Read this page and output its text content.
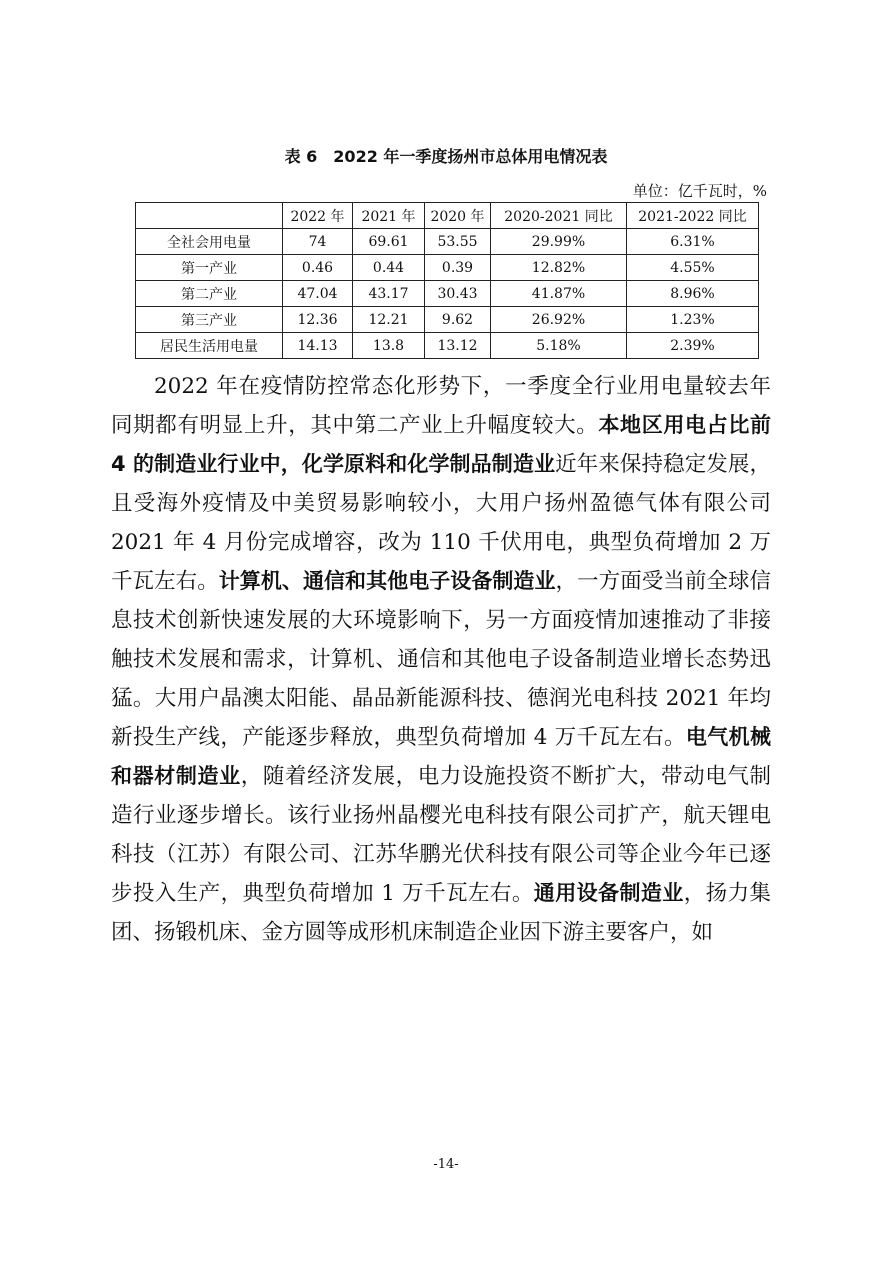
表 6　2022 年一季度扬州市总体用电情况表
单位：亿千瓦时，%
	2022 年	2021 年	2020 年	2020-2021 同比	2021-2022 同比
全社会用电量	74	69.61	53.55	29.99%	6.31%
第一产业	0.46	0.44	0.39	12.82%	4.55%
第二产业	47.04	43.17	30.43	41.87%	8.96%
第三产业	12.36	12.21	9.62	26.92%	1.23%
居民生活用电量	14.13	13.8	13.12	5.18%	2.39%

2022 年在疫情防控常态化形势下，一季度全行业用电量较去年同期都有明显上升，其中第二产业上升幅度较大。本地区用电占比前 4 的制造业行业中，化学原料和化学制品制造业近年来保持稳定发展，且受海外疫情及中美贸易影响较小，大用户扬州盈德气体有限公司 2021 年 4 月份完成增容，改为 110 千伏用电，典型负荷增加 2 万千瓦左右。计算机、通信和其他电子设备制造业，一方面受当前全球信息技术创新快速发展的大环境影响下，另一方面疫情加速推动了非接触技术发展和需求，计算机、通信和其他电子设备制造业增长态势迅猛。大用户晶澳太阳能、晶品新能源科技、德润光电科技 2021 年均新投生产线，产能逐步释放，典型负荷增加 4 万千瓦左右。电气机械和器材制造业，随着经济发展，电力设施投资不断扩大，带动电气制造行业逐步增长。该行业扬州晶樱光电科技有限公司扩产，航天锂电科技（江苏）有限公司、江苏华鹏光伏科技有限公司等企业今年已逐步投入生产，典型负荷增加 1 万千瓦左右。通用设备制造业，扬力集团、扬锻机床、金方圆等成形机床制造企业因下游主要客户，如

-14-
